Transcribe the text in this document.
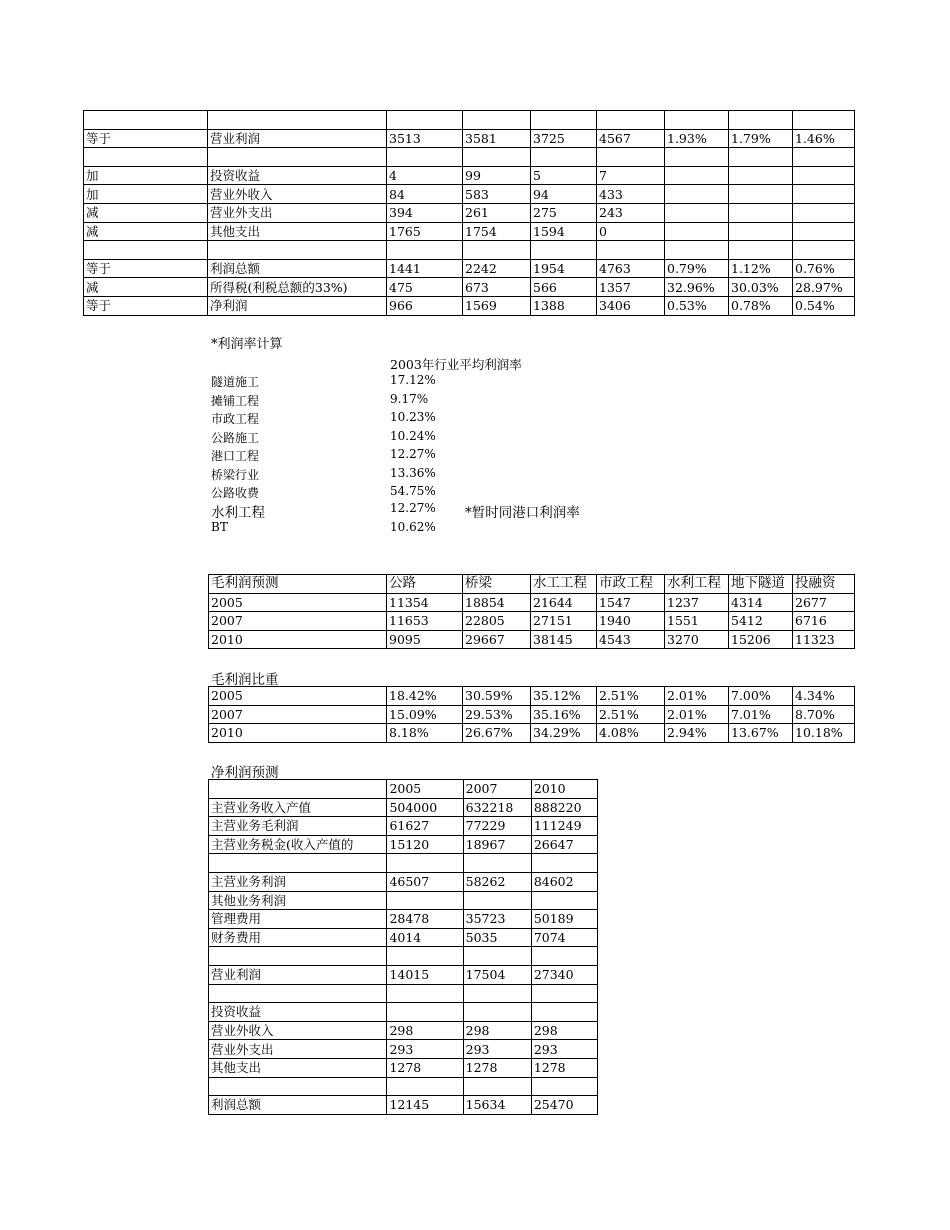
等于	营业利润	3513	3581	3725	4567	1.93%	1.79%	1.46%

加	投资收益	4	99	5	7			
加	营业外收入	84	583	94	433			
减	营业外支出	394	261	275	243			
减	其他支出	1765	1754	1594	0			

等于	利润总额	1441	2242	1954	4763	0.79%	1.12%	0.76%
减	所得税(利税总额的33%)	475	673	566	1357	32.96%	30.03%	28.97%
等于	净利润	966	1569	1388	3406	0.53%	0.78%	0.54%
*利润率计算
2003年行业平均利润率
隧道施工	17.12%
摊铺工程	9.17%
市政工程	10.23%
公路施工	10.24%
港口工程	12.27%
桥梁行业	13.36%
公路收费	54.75%
水利工程	12.27% *暂时同港口利润率
BT	10.62%
毛利润预测	公路	桥梁	水工工程	市政工程	水利工程	地下隧道	投融资
2005	11354	18854	21644	1547	1237	4314	2677
2007	11653	22805	27151	1940	1551	5412	6716
2010	9095	29667	38145	4543	3270	15206	11323
毛利润比重
2005	18.42%	30.59%	35.12%	2.51%	2.01%	7.00%	4.34%
2007	15.09%	29.53%	35.16%	2.51%	2.01%	7.01%	8.70%
2010	8.18%	26.67%	34.29%	4.08%	2.94%	13.67%	10.18%
净利润预测
	2005	2007	2010
主营业务收入产值	504000	632218	888220
主营业务毛利润	61627	77229	111249
主营业务税金(收入产值的	15120	18967	26647

主营业务利润	46507	58262	84602
其他业务利润			
管理费用	28478	35723	50189
财务费用	4014	5035	7074

营业利润	14015	17504	27340

投资收益			
营业外收入	298	298	298
营业外支出	293	293	293
其他支出	1278	1278	1278

利润总额	12145	15634	25470
